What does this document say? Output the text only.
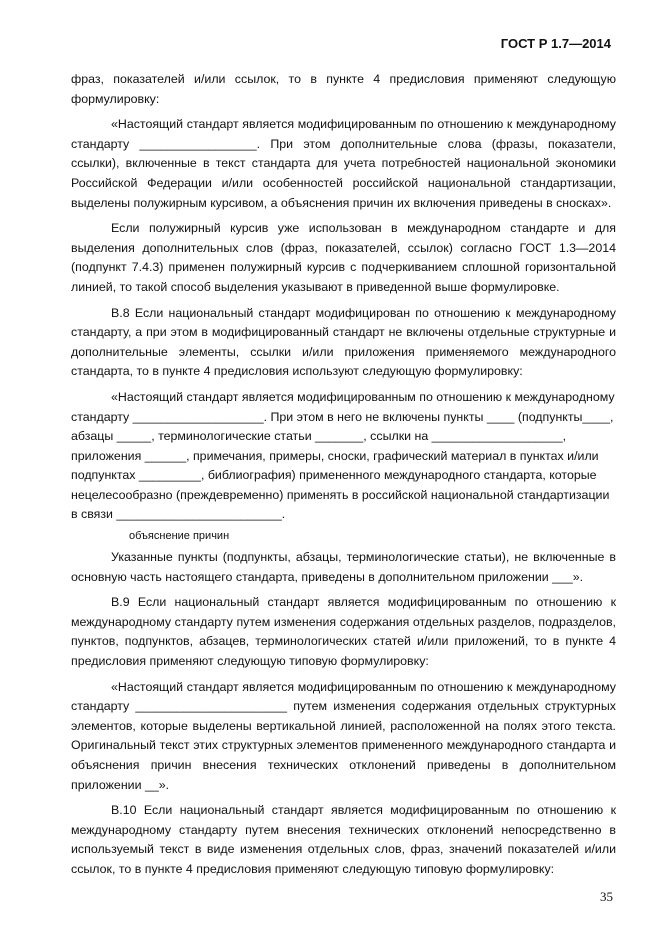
ГОСТ Р 1.7—2014

фраз, показателей и/или ссылок, то в пункте 4 предисловия применяют следующую формулировку:

«Настоящий стандарт является модифицированным по отношению к международному стандарту _________________. При этом дополнительные слова (фразы, показатели, ссылки), включенные в текст стандарта для учета потребностей национальной экономики Российской Федерации и/или особенностей российской национальной стандартизации, выделены полужирным курсивом, а объяснения причин их включения приведены в сносках».

Если полужирный курсив уже использован в международном стандарте и для выделения дополнительных слов (фраз, показателей, ссылок) согласно ГОСТ 1.3—2014 (подпункт 7.4.3) применен полужирный курсив с подчеркиванием сплошной горизонтальной линией, то такой способ выделения указывают в приведенной выше формулировке.

В.8 Если национальный стандарт модифицирован по отношению к международному стандарту, а при этом в модифицированный стандарт не включены отдельные структурные и дополнительные элементы, ссылки и/или приложения применяемого международного стандарта, то в пункте 4 предисловия используют следующую формулировку:

«Настоящий стандарт является модифицированным по отношению к международному стандарту ___________________. При этом в него не включены пункты ____ (подпункты____, абзацы _____, терминологические статьи _______, ссылки на ___________________, приложения ______, примечания, примеры, сноски, графический материал в пунктах и/или подпунктах _________, библиография) примененного международного стандарта, которые нецелесообразно (преждевременно) применять в российской национальной стандартизации в связи ________________________.

объяснение причин

Указанные пункты (подпункты, абзацы, терминологические статьи), не включенные в основную часть настоящего стандарта, приведены в дополнительном приложении ___».

В.9 Если национальный стандарт является модифицированным по отношению к международному стандарту путем изменения содержания отдельных разделов, подразделов, пунктов, подпунктов, абзацев, терминологических статей и/или приложений, то в пункте 4 предисловия применяют следующую типовую формулировку:

«Настоящий стандарт является модифицированным по отношению к международному стандарту ______________________ путем изменения содержания отдельных структурных элементов, которые выделены вертикальной линией, расположенной на полях этого текста. Оригинальный текст этих структурных элементов примененного международного стандарта и объяснения причин внесения технических отклонений приведены в дополнительном приложении __».

В.10 Если национальный стандарт является модифицированным по отношению к международному стандарту путем внесения технических отклонений непосредственно в используемый текст в виде изменения отдельных слов, фраз, значений показателей и/или ссылок, то в пункте 4 предисловия применяют следующую типовую формулировку:

35
